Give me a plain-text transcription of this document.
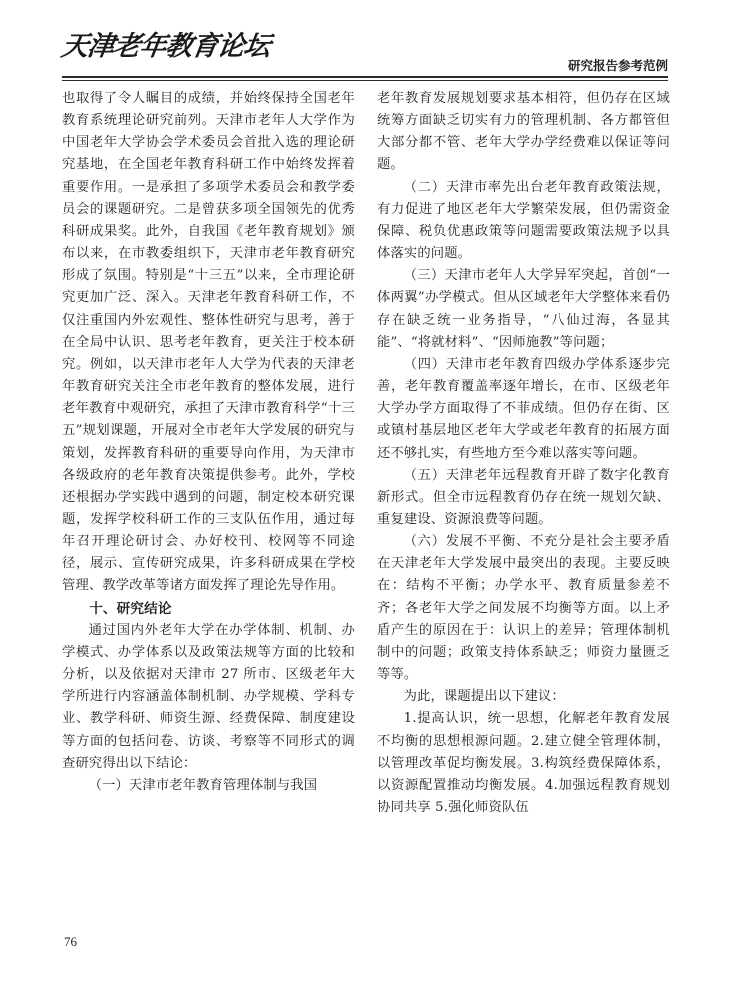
天津老年教育论坛
研究报告参考范例

也取得了令人瞩目的成绩，并始终保持全国老年教育系统理论研究前列。天津市老年人大学作为中国老年大学协会学术委员会首批入选的理论研究基地，在全国老年教育科研工作中始终发挥着重要作用。一是承担了多项学术委员会和教学委员会的课题研究。二是曾获多项全国领先的优秀科研成果奖。此外，自我国《老年教育规划》颁布以来，在市教委组织下，天津市老年教育研究形成了氛围。特别是“十三五”以来，全市理论研究更加广泛、深入。天津老年教育科研工作，不仅注重国内外宏观性、整体性研究与思考，善于在全局中认识、思考老年教育，更关注于校本研究。例如，以天津市老年人大学为代表的天津老年教育研究关注全市老年教育的整体发展，进行老年教育中观研究，承担了天津市教育科学“十三五”规划课题，开展对全市老年大学发展的研究与策划，发挥教育科研的重要导向作用，为天津市各级政府的老年教育决策提供参考。此外，学校还根据办学实践中遇到的问题，制定校本研究课题，发挥学校科研工作的三支队伍作用，通过每年召开理论研讨会、办好校刊、校网等不同途径，展示、宣传研究成果，许多科研成果在学校管理、教学改革等诸方面发挥了理论先导作用。

十、研究结论

通过国内外老年大学在办学体制、机制、办学模式、办学体系以及政策法规等方面的比较和分析，以及依据对天津市 27 所市、区级老年大学所进行内容涵盖体制机制、办学规模、学科专业、教学科研、师资生源、经费保障、制度建设等方面的包括问卷、访谈、考察等不同形式的调查研究得出以下结论：

（一）天津市老年教育管理体制与我国

老年教育发展规划要求基本相符，但仍存在区域统筹方面缺乏切实有力的管理机制、各方都管但大部分都不管、老年大学办学经费难以保证等问题。

（二）天津市率先出台老年教育政策法规，有力促进了地区老年大学繁荣发展，但仍需资金保障、税负优惠政策等问题需要政策法规予以具体落实的问题。

（三）天津市老年人大学异军突起，首创“一体两翼”办学模式。但从区域老年大学整体来看仍存在缺乏统一业务指导，“八仙过海，各显其能”、“将就材料”、“因师施教”等问题；

（四）天津市老年教育四级办学体系逐步完善，老年教育覆盖率逐年增长，在市、区级老年大学办学方面取得了不菲成绩。但仍存在街、区或镇村基层地区老年大学或老年教育的拓展方面还不够扎实，有些地方至今难以落实等问题。

（五）天津老年远程教育开辟了数字化教育新形式。但全市远程教育仍存在统一规划欠缺、重复建设、资源浪费等问题。

（六）发展不平衡、不充分是社会主要矛盾在天津老年大学发展中最突出的表现。主要反映在：结构不平衡；办学水平、教育质量参差不齐；各老年大学之间发展不均衡等方面。以上矛盾产生的原因在于：认识上的差异；管理体制机制中的问题；政策支持体系缺乏；师资力量匮乏等等。

为此，课题提出以下建议：

1.提高认识，统一思想，化解老年教育发展不均衡的思想根源问题。2.建立健全管理体制，以管理改革促均衡发展。3.构筑经费保障体系，以资源配置推动均衡发展。4.加强远程教育规划协同共享 5.强化师资队伍

76
